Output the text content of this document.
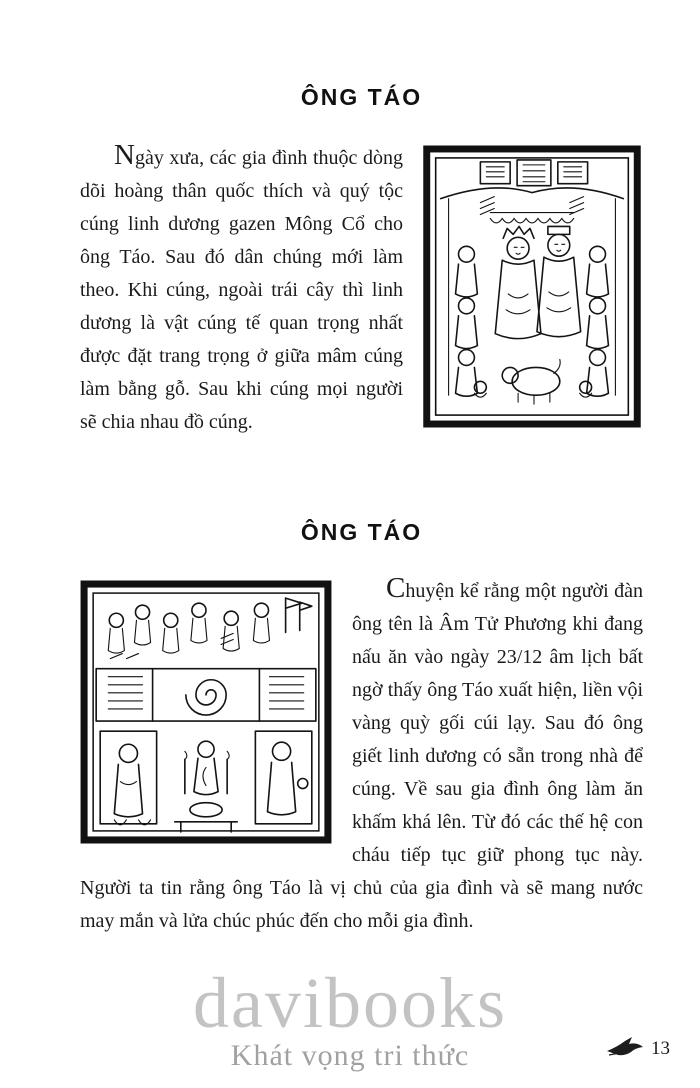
ÔNG TÁO

Ngày xưa, các gia đình thuộc dòng dõi hoàng thân quốc thích và quý tộc cúng linh dương gazen Mông Cổ cho ông Táo. Sau đó dân chúng mới làm theo. Khi cúng, ngoài trái cây thì linh dương là vật cúng tế quan trọng nhất được đặt trang trọng ở giữa mâm cúng làm bằng gỗ. Sau khi cúng mọi người sẽ chia nhau đồ cúng.

ÔNG TÁO

Chuyện kể rằng một người đàn ông tên là Âm Tử Phương khi đang nấu ăn vào ngày 23/12 âm lịch bất ngờ thấy ông Táo xuất hiện, liền vội vàng quỳ gối cúi lạy. Sau đó ông giết linh dương có sẵn trong nhà để cúng. Về sau gia đình ông làm ăn khấm khá lên. Từ đó các thế hệ con cháu tiếp tục giữ phong tục này. Người ta tin rằng ông Táo là vị chủ của gia đình và sẽ mang nước may mắn và lửa chúc phúc đến cho mỗi gia đình.

davibooks
Khát vọng tri thức	13
